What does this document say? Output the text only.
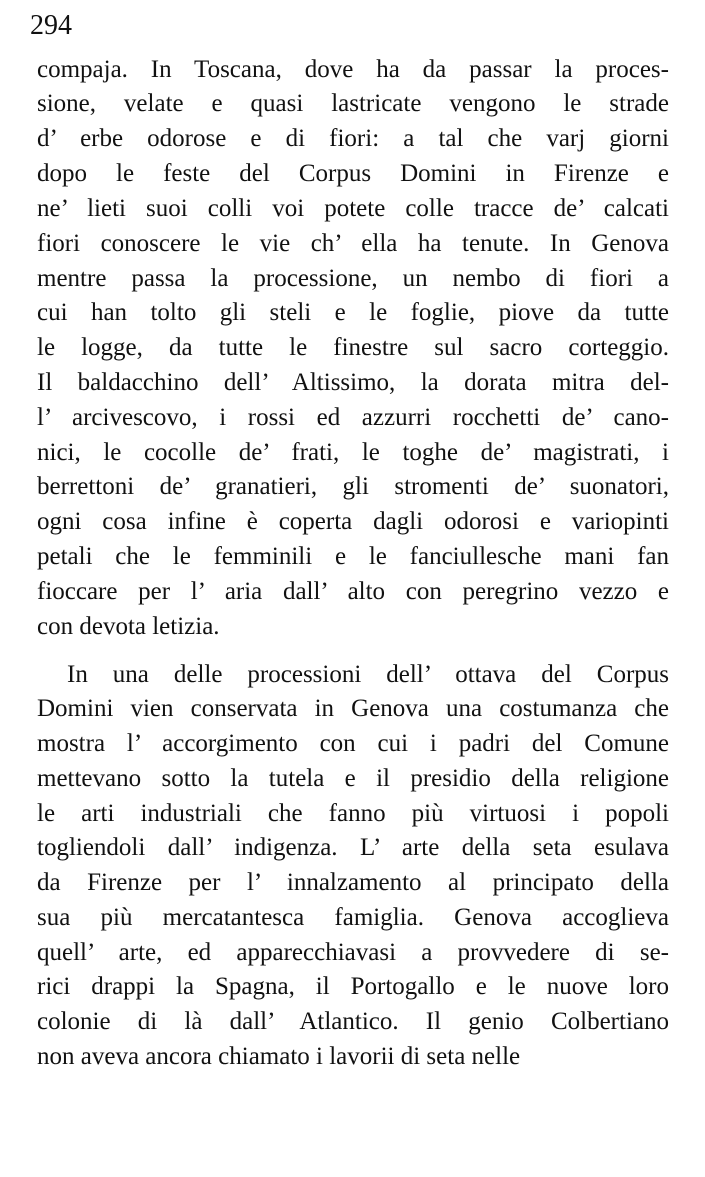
294
compaja. In Toscana, dove ha da passar la proces-
sione, velate e quasi lastricate vengono le strade
d’ erbe odorose e di fiori: a tal che varj giorni
dopo le feste del Corpus Domini in Firenze e
ne’ lieti suoi colli voi potete colle tracce de’ calcati
fiori conoscere le vie ch’ ella ha tenute. In Genova
mentre passa la processione, un nembo di fiori a
cui han tolto gli steli e le foglie, piove da tutte
le logge, da tutte le finestre sul sacro corteggio.
Il baldacchino dell’ Altissimo, la dorata mitra del-
l’ arcivescovo, i rossi ed azzurri rocchetti de’ cano-
nici, le cocolle de’ frati, le toghe de’ magistrati, i
berrettoni de’ granatieri, gli stromenti de’ suonatori,
ogni cosa infine è coperta dagli odorosi e variopinti
petali che le femminili e le fanciullesche mani fan
fioccare per l’ aria dall’ alto con peregrino vezzo e
con devota letizia.
In una delle processioni dell’ ottava del Corpus
Domini vien conservata in Genova una costumanza che
mostra l’ accorgimento con cui i padri del Comune
mettevano sotto la tutela e il presidio della religione
le arti industriali che fanno più virtuosi i popoli
togliendoli dall’ indigenza. L’ arte della seta esulava
da Firenze per l’ innalzamento al principato della
sua più mercatantesca famiglia. Genova accoglieva
quell’ arte, ed apparecchiavasi a provvedere di se-
rici drappi la Spagna, il Portogallo e le nuove loro
colonie di là dall’ Atlantico. Il genio Colbertiano
non aveva ancora chiamato i lavorii di seta nelle
